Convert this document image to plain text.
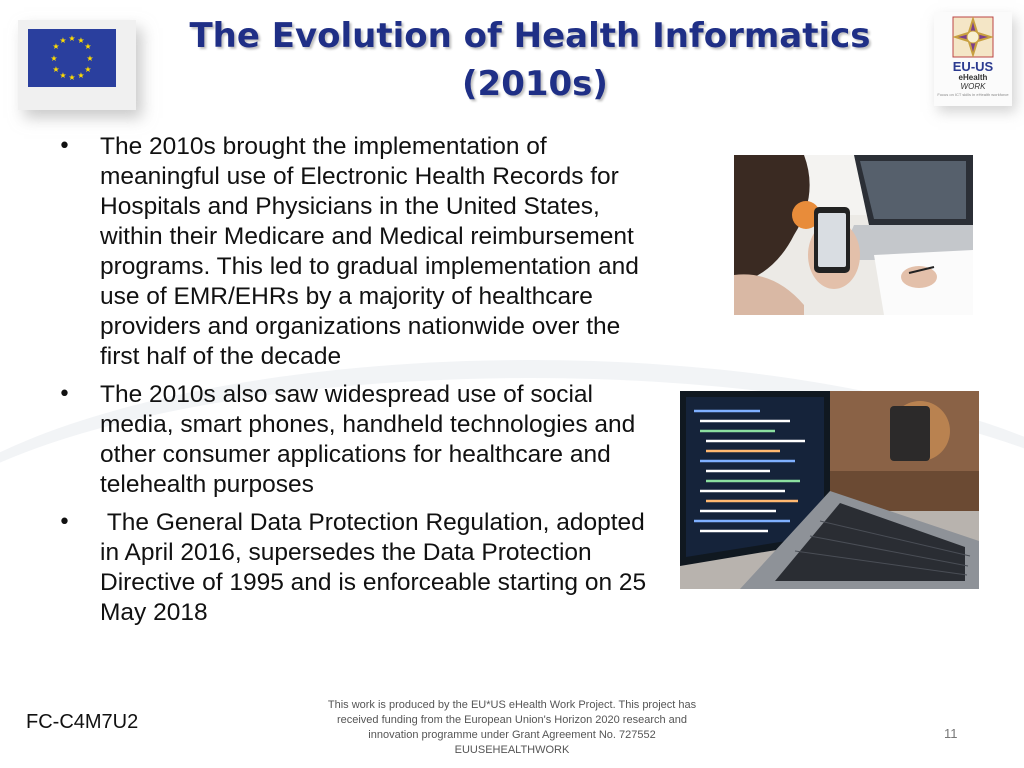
★ ★
★
★
★
★
★
★
★
★
★
★	The Evolution of Health Informatics
(2010s)	EU-US
eHealth
WORK
Focus on ICT skills in eHealth workforce
• The 2010s brought the implementation of meaningful use of Electronic Health Records for Hospitals and Physicians in the United States, within their Medicare and Medical reimbursement programs. This led to gradual implementation and use of EMR/EHRs by a majority of healthcare providers and organizations nationwide over the first half of the decade
• The 2010s also saw widespread use of social media, smart phones, handheld technologies and other consumer applications for healthcare and telehealth purposes
• The General Data Protection Regulation, adopted in April 2016, supersedes the Data Protection Directive of 1995 and is enforceable starting on 25 May 2018
FC-C4M7U2
This work is produced by the EU*US eHealth Work Project. This project has
received funding from the European Union's Horizon 2020 research and
innovation programme under Grant Agreement No. 727552
EUUSEHEALTHWORK
11
